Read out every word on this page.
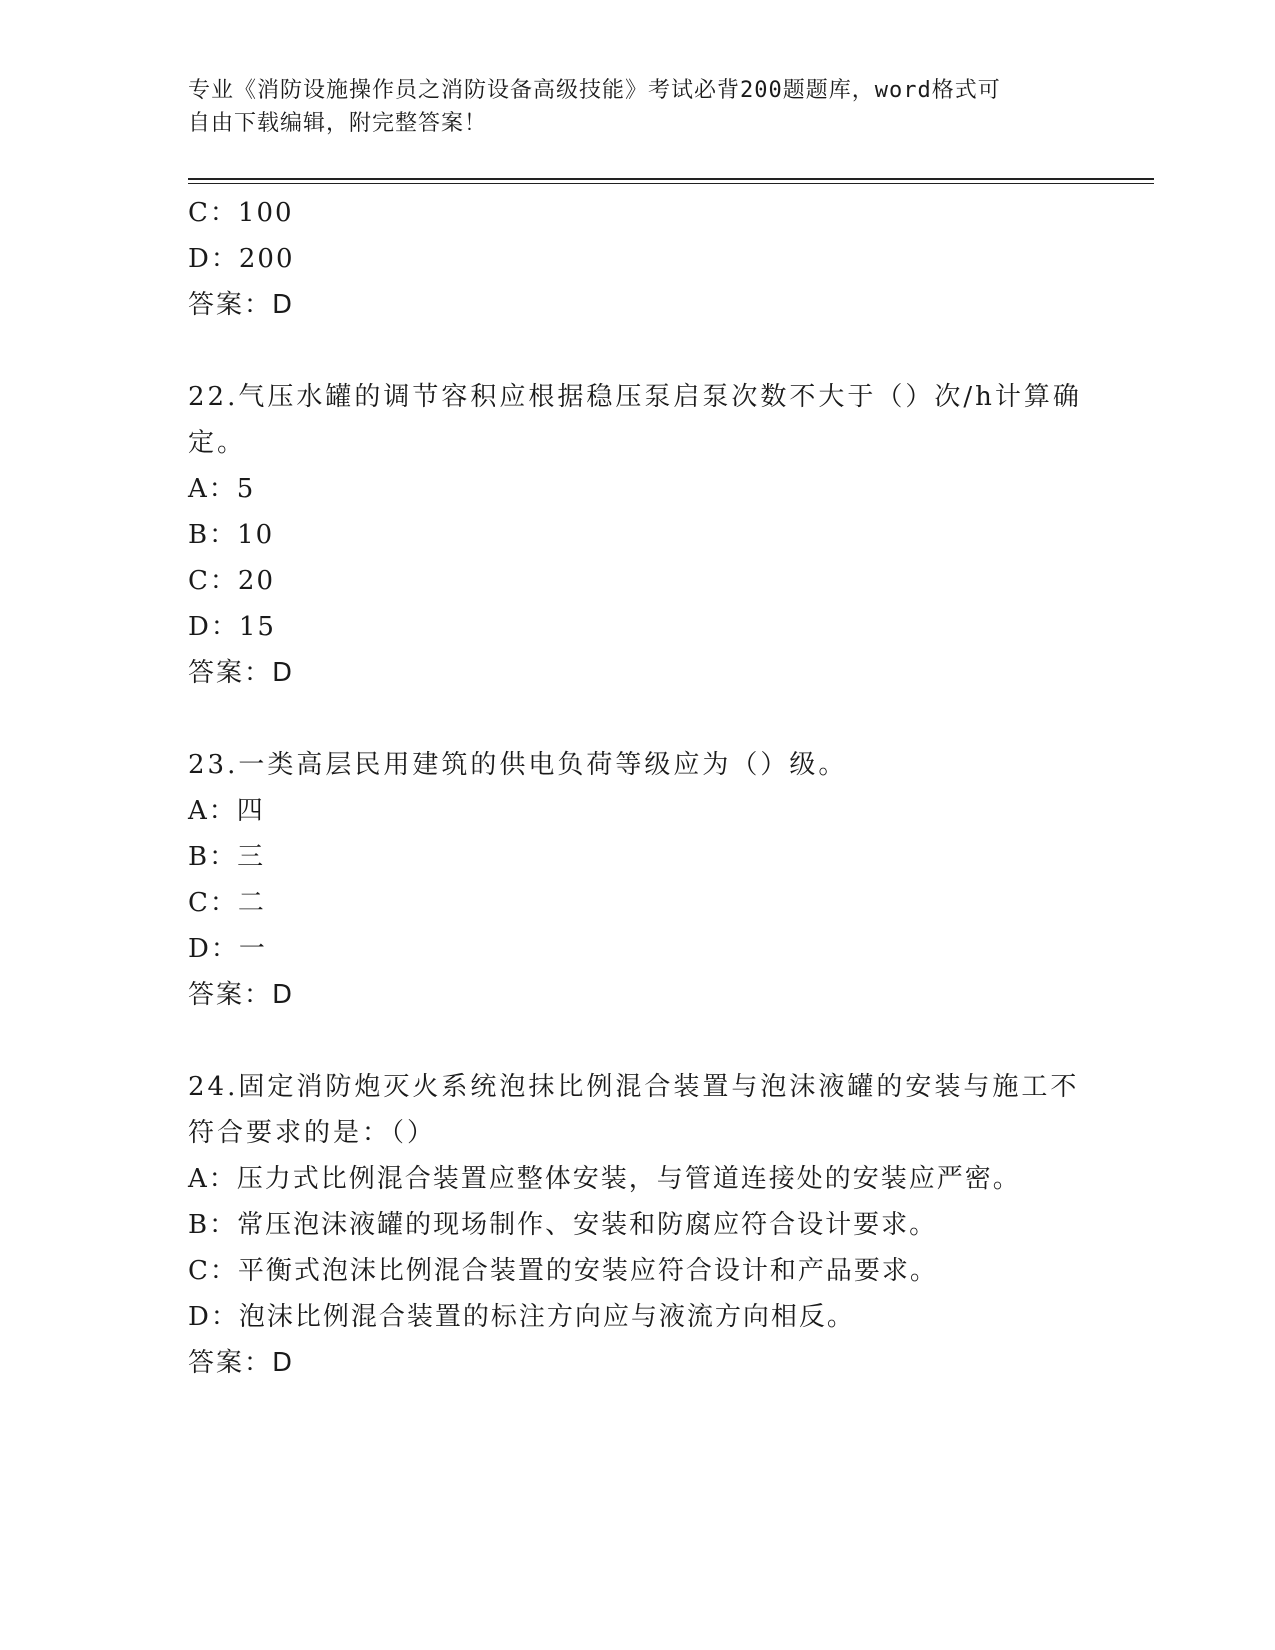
专业《消防设施操作员之消防设备高级技能》考试必背200题题库，word格式可
自由下载编辑，附完整答案！
C：100
D：200
答案：D
22.气压水罐的调节容积应根据稳压泵启泵次数不大于（）次/h计算确定。
A：5
B：10
C：20
D：15
答案：D
23.一类高层民用建筑的供电负荷等级应为（）级。
A：四
B：三
C：二
D：一
答案：D
24.固定消防炮灭火系统泡抹比例混合装置与泡沫液罐的安装与施工不符合要求的是：（）
A：压力式比例混合装置应整体安装，与管道连接处的安装应严密。
B：常压泡沫液罐的现场制作、安装和防腐应符合设计要求。
C：平衡式泡沫比例混合装置的安装应符合设计和产品要求。
D：泡沫比例混合装置的标注方向应与液流方向相反。
答案：D
